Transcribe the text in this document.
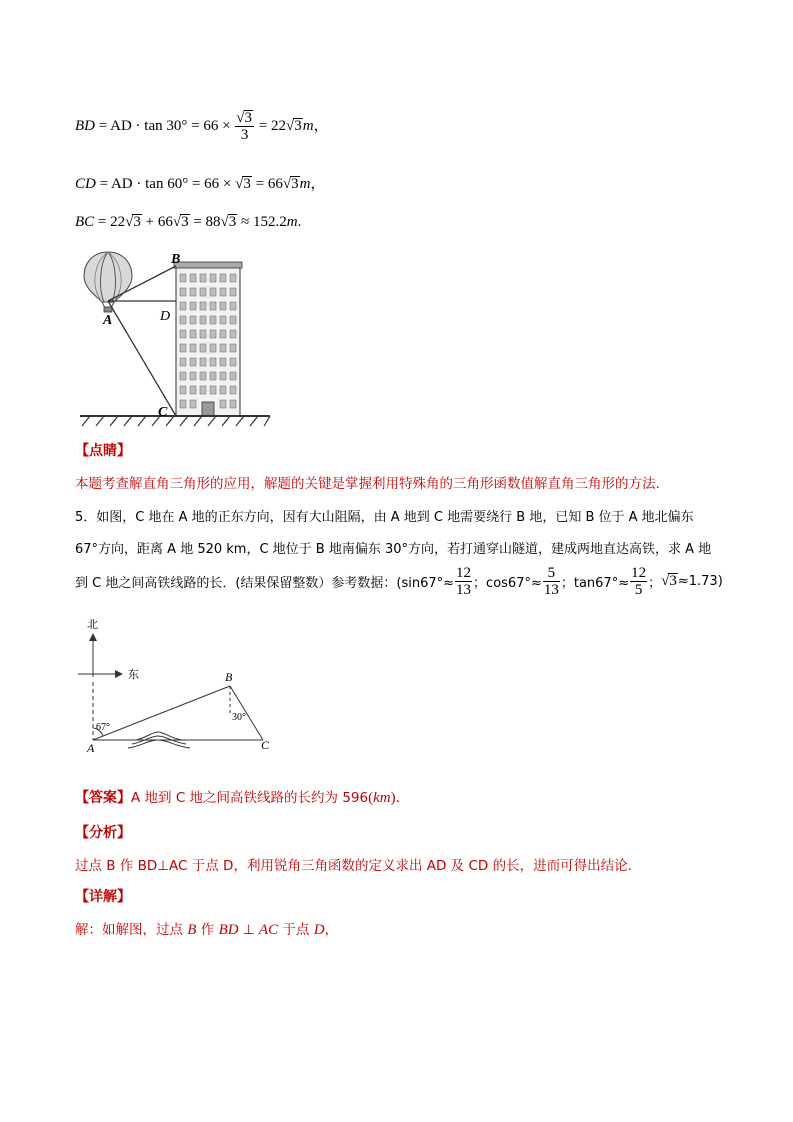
BD = AD · $\tan 30^\circ = 66 \times \frac{√3}{3} = 22√3m$，
CD = AD · tan 60° = 66 × √3 = 66√3m，
BC = 22√3 + 66√3 = 88√3 ≈ 152.2m.
B
A	D
C
【点睛】
本题考查解直角三角形的应用，解题的关键是掌握利用特殊角的三角形函数值解直角三角形的方法.
5．如图，C 地在 A 地的正东方向，因有大山阻隔，由 A 地到 C 地需要绕行 B 地，已知 B 位于 A 地北偏东
67°方向，距离 A 地 520 km，C 地位于 B 地南偏东 30°方向，若打通穿山隧道，建成两地直达高铁，求 A 地
到 C 地之间高铁线路的长．(结果保留整数）参考数据：($\sin 67^\circ\approx \frac{12}{13}$ ；$\cos 67^\circ\approx \frac{5}{13}$ ；$\tan 67^\circ\approx \frac{12}{5}$ ；√3≈1.73)
北
东	B
A	C
67°
30°
【答案】A 地到 C 地之间高铁线路的长约为 596(km).
【分析】
过点 B 作 BD⊥AC 于点 D，利用锐角三角函数的定义求出 AD 及 CD 的长，进而可得出结论.
【详解】
解：如解图，过点 B 作 BD ⊥ AC 于点 D，
